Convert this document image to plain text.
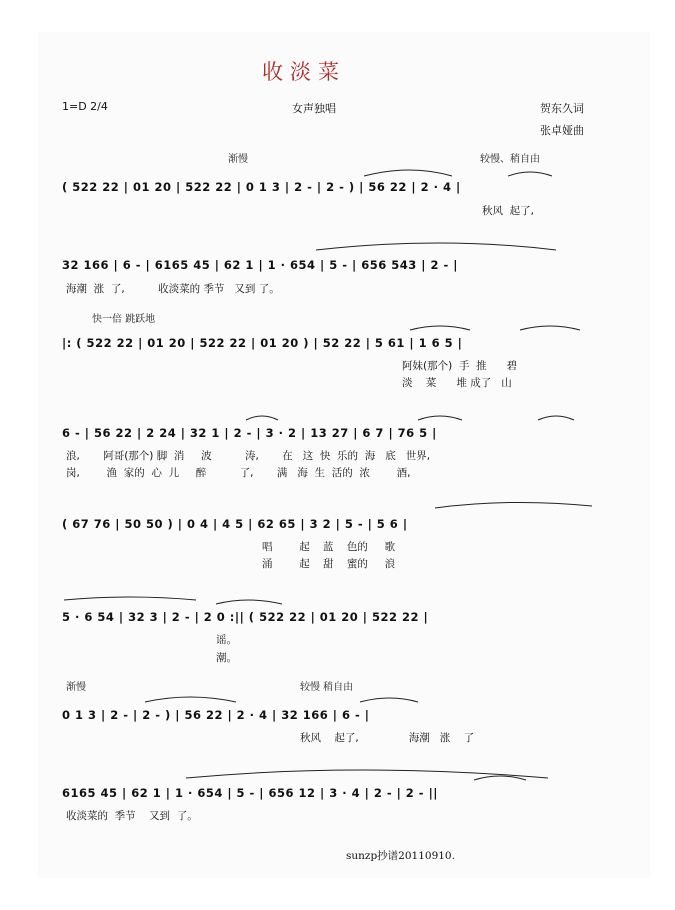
收淡菜
1=D 2/4	女声独唱	贺东久词
张卓娅曲
渐慢	较慢、稍自由
( 522 22 | 01 20 | 522 22 | 0 1 3 | 2 - | 2 - ) | 56 22 | 2 · 4 |
秋风  起了,
32 166 | 6 - | 6165 45 | 62 1 | 1 · 654 | 5 - | 656 543 | 2 - |
海潮  涨  了,          收淡菜的 季节   又到 了。
快一倍 跳跃地
|: ( 522 22 | 01 20 | 522 22 | 01 20 ) | 52 22 | 5 61 | 1 6 5 |
阿妹(那个)  手  推      碧
淡    菜      堆 成了   山
6 - | 56 22 | 2 24 | 32 1 | 2 - | 3 · 2 | 13 27 | 6 7 | 76 5 |
浪,       阿哥(那个) 脚  消     波          涛,       在   这  快  乐的  海   底   世界,
岗,        渔  家的  心  儿     醉          了,       满   海  生  活的  浓        酒,
( 67 76 | 50 50 ) | 0 4 | 4 5 | 62 65 | 3 2 | 5 - | 5 6 |
唱        起    蓝    色的     歌
涌        起    甜    蜜的     浪
5 · 6 54 | 32 3 | 2 - | 2 0 :|| ( 522 22 | 01 20 | 522 22 |
谣。
潮。
渐慢	较慢 稍自由
0 1 3 | 2 - | 2 - ) | 56 22 | 2 · 4 | 32 166 | 6 - |
秋风    起了,               海潮   涨    了
6165 45 | 62 1 | 1 · 654 | 5 - | 656 12 | 3 · 4 | 2 - | 2 - ||
收淡菜的  季节    又到  了。
sunzp抄谱20110910.
